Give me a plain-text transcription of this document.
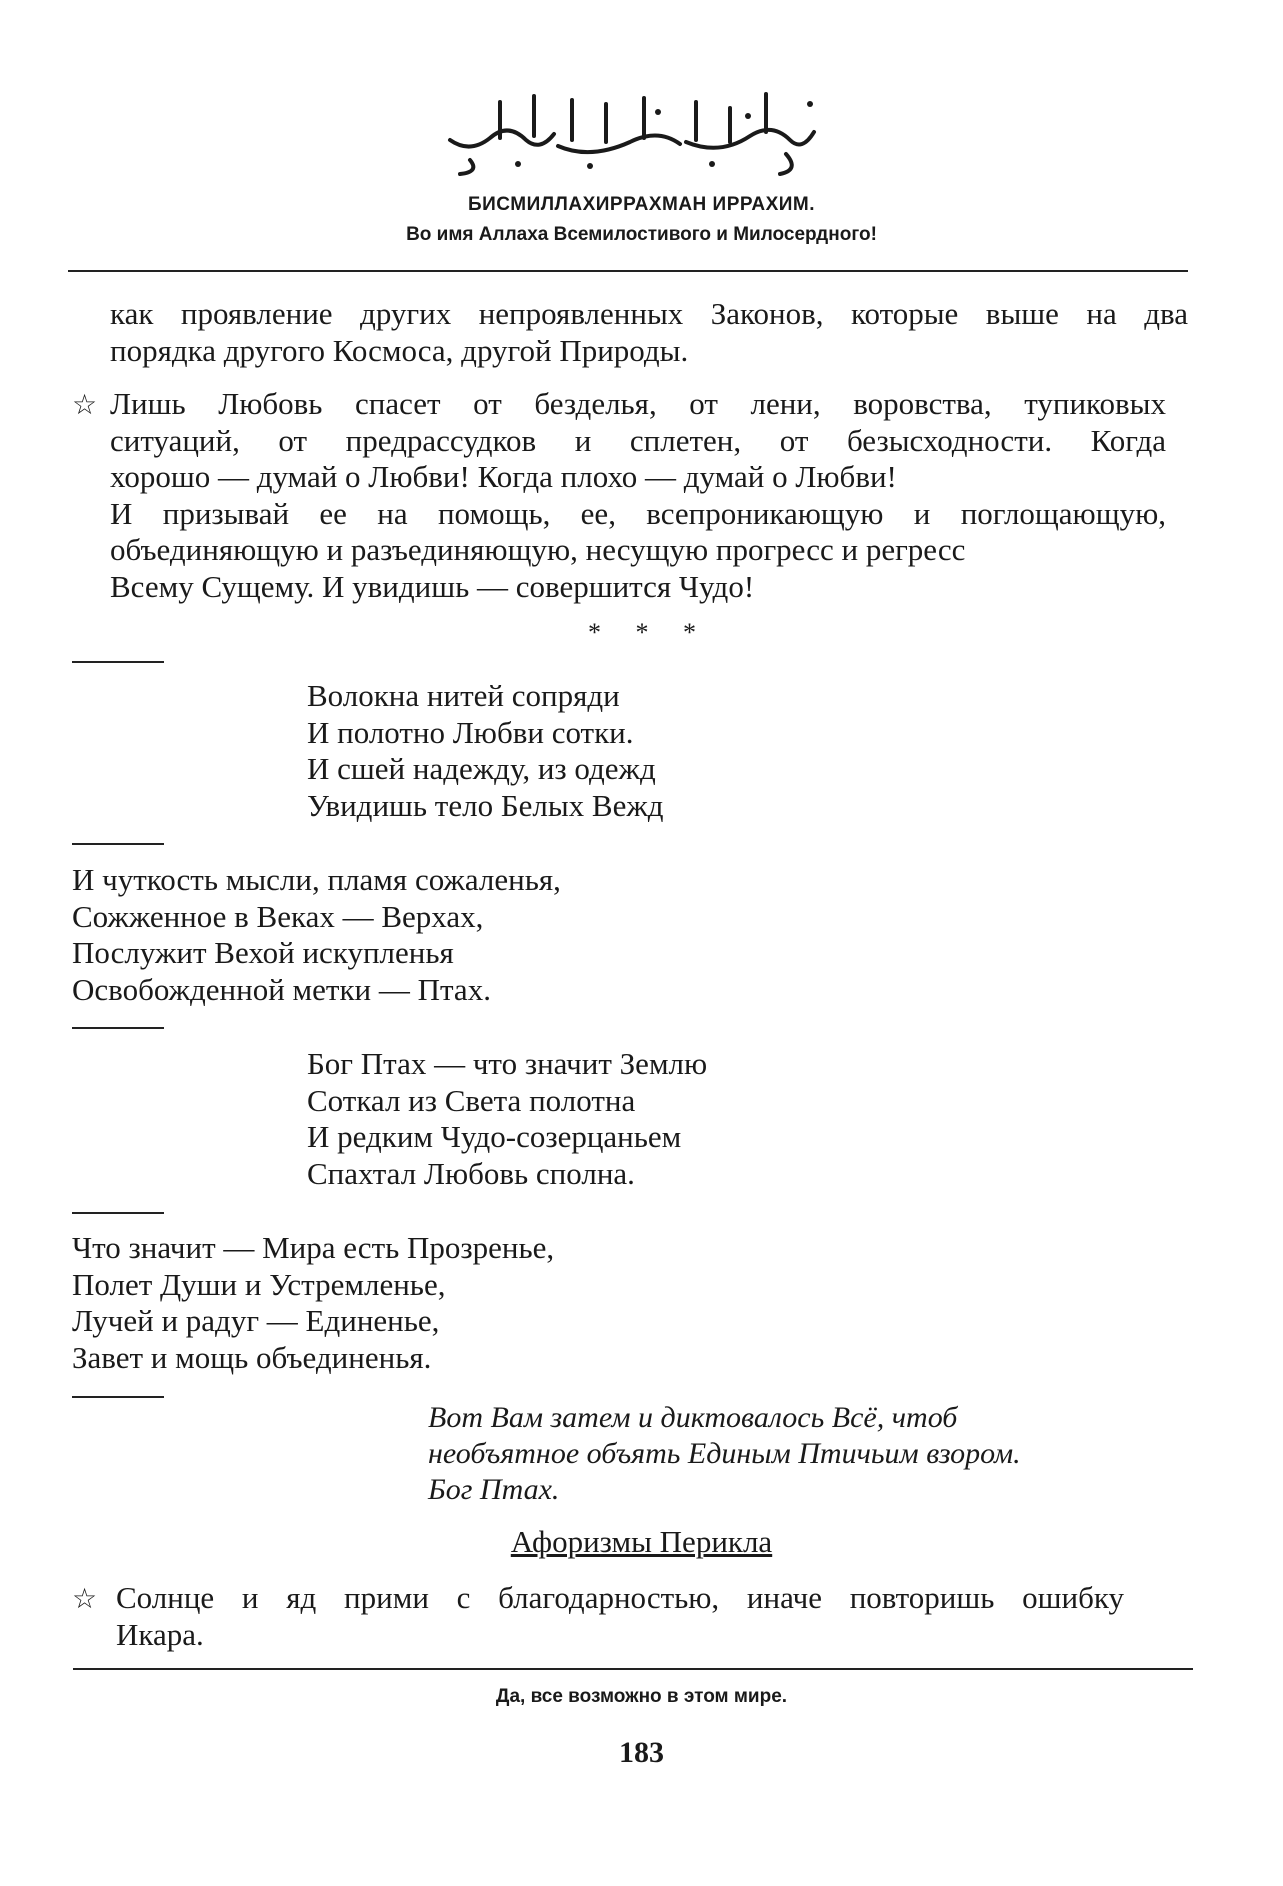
БИСМИЛЛАХИРРАХМАН ИРРАХИМ.
Во имя Аллаха Всемилостивого и Милосердного!
как проявление других непроявленных Законов, которые выше на два
порядка другого Космоса, другой Природы.
☆ Лишь Любовь спасет от безделья, от лени, воровства, тупиковых
ситуаций, от предрассудков и сплетен, от безысходности. Когда
хорошо — думай о Любви! Когда плохо — думай о Любви!
И призывай ее на помощь, ее, всепроникающую и поглощающую,
объединяющую и разъединяющую, несущую прогресс и регресс
Всему Сущему. И увидишь — совершится Чудо!
* * *
Волокна нитей сопряди
И полотно Любви сотки.
И сшей надежду, из одежд
Увидишь тело Белых Вежд
И чуткость мысли, пламя сожаленья,
Сожженное в Веках — Верхах,
Послужит Вехой искупленья
Освобожденной метки — Птах.
Бог Птах — что значит Землю
Соткал из Света полотна
И редким Чудо-созерцаньем
Спахтал Любовь сполна.
Что значит — Мира есть Прозренье,
Полет Души и Устремленье,
Лучей и радуг — Единенье,
Завет и мощь объединенья.
Вот Вам затем и диктовалось Всё, чтоб
необъятное объять Единым Птичьим взором.
Бог Птах.
Афоризмы Перикла
☆ Солнце и яд прими с благодарностью, иначе повторишь ошибку
Икара.
Да, все возможно в этом мире.
183
